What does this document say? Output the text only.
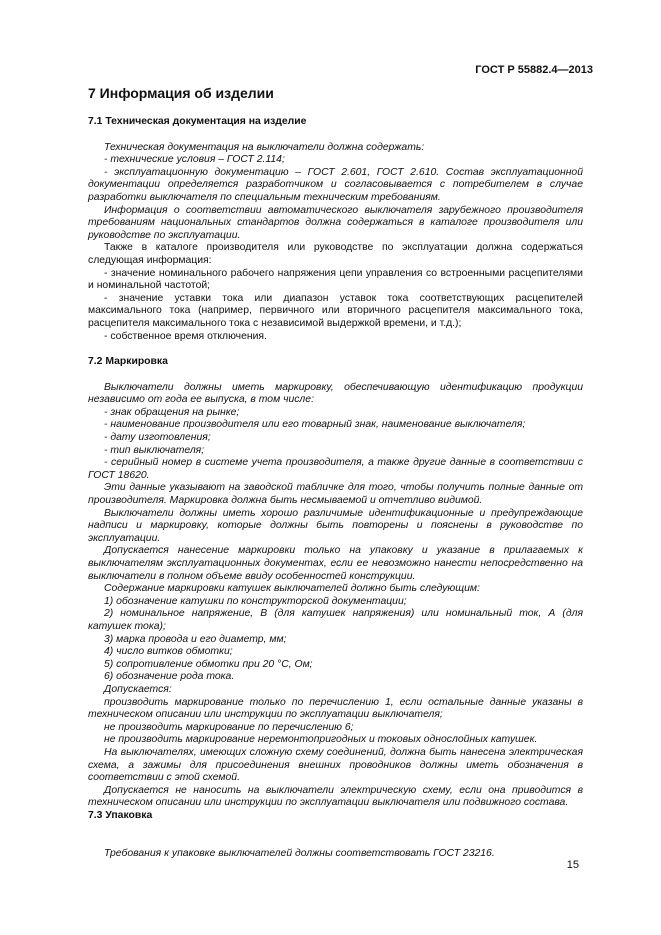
ГОСТ Р 55882.4—2013
7 Информация об изделии
7.1 Техническая документация на изделие

Техническая документация на выключатели должна содержать:

- технические условия – ГОСТ 2.114;

- эксплуатационную документацию – ГОСТ 2.601, ГОСТ 2.610. Состав эксплуатационной документации определяется разработчиком и согласовывается с потребителем в случае разработки выключателя по специальным техническим требованиям.

Информация о соответствии автоматического выключателя зарубежного производителя требованиям национальных стандартов должна содержаться в каталоге производителя или руководстве по эксплуатации.

Также в каталоге производителя или руководстве по эксплуатации должна содержаться следующая информация:

- значение номинального рабочего напряжения цепи управления со встроенными расцепителями и номинальной частотой;

- значение уставки тока или диапазон уставок тока соответствующих расцепителей максимального тока (например, первичного или вторичного расцепителя максимального тока, расцепителя максимального тока с независимой выдержкой времени, и т.д.);

- собственное время отключения.

7.2 Маркировка

Выключатели должны иметь маркировку, обеспечивающую идентификацию продукции независимо от года ее выпуска, в том числе:

- знак обращения на рынке;

- наименование производителя или его товарный знак, наименование выключателя;

- дату изготовления;

- тип выключателя;

- серийный номер в системе учета производителя, а также другие данные в соответствии с ГОСТ 18620.

Эти данные указывают на заводской табличке для того, чтобы получить полные данные от производителя. Маркировка должна быть несмываемой и отчетливо видимой.

Выключатели должны иметь хорошо различимые идентификационные и предупреждающие надписи и маркировку, которые должны быть повторены и пояснены в руководстве по эксплуатации.

Допускается нанесение маркировки только на упаковку и указание в прилагаемых к выключателям эксплуатационных документах, если ее невозможно нанести непосредственно на выключатели в полном объеме ввиду особенностей конструкции.

Содержание маркировки катушек выключателей должно быть следующим:

1) обозначение катушки по конструкторской документации;

2) номинальное напряжение, В (для катушек напряжения) или номинальный ток, А (для катушек тока);

3) марка провода и его диаметр, мм;

4) число витков обмотки;

5) сопротивление обмотки при 20 °С, Ом;

6) обозначение рода тока.

Допускается:

производить маркирование только по перечислению 1, если остальные данные указаны в техническом описании или инструкции по эксплуатации выключателя;

не производить маркирование по перечислению 6;

не производить маркирование неремонтопригодных и токовых однослойных катушек.

На выключателях, имеющих сложную схему соединений, должна быть нанесена электрическая схема, а зажимы для присоединения внешних проводников должны иметь обозначения в соответствии с этой схемой.

Допускается не наносить на выключатели электрическую схему, если она приводится в техническом описании или инструкции по эксплуатации выключателя или подвижного состава.

7.3 Упаковка

Требования к упаковке выключателей должны соответствовать ГОСТ 23216.

15
